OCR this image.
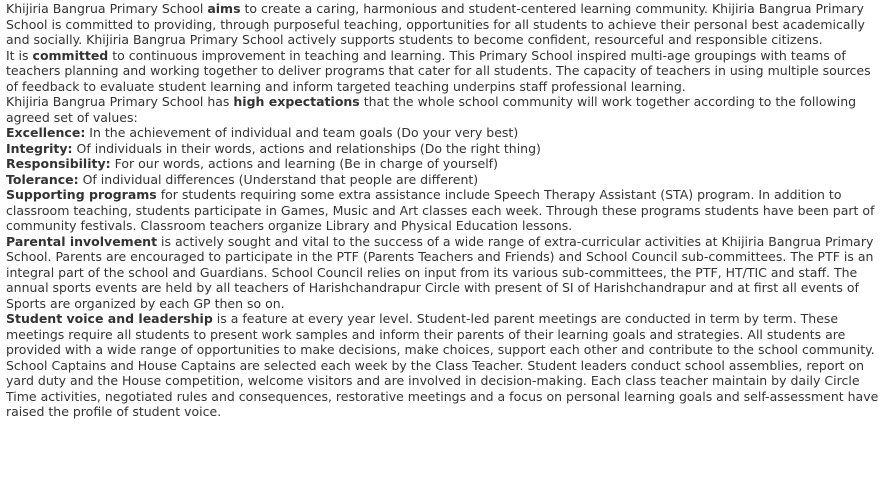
Khijiria Bangrua Primary School aims to create a caring, harmonious and student-centered learning community. Khijiria Bangrua Primary School is committed to providing, through purposeful teaching, opportunities for all students to achieve their personal best academically and socially. Khijiria Bangrua Primary School actively supports students to become confident, resourceful and responsible citizens.

It is committed to continuous improvement in teaching and learning. This Primary School inspired multi-age groupings with teams of teachers planning and working together to deliver programs that cater for all students. The capacity of teachers in using multiple sources of feedback to evaluate student learning and inform targeted teaching underpins staff professional learning.

Khijiria Bangrua Primary School has high expectations that the whole school community will work together according to the following agreed set of values:

Excellence: In the achievement of individual and team goals (Do your very best)

Integrity: Of individuals in their words, actions and relationships (Do the right thing)

Responsibility: For our words, actions and learning (Be in charge of yourself)

Tolerance: Of individual differences (Understand that people are different)

Supporting programs for students requiring some extra assistance include Speech Therapy Assistant (STA) program. In addition to classroom teaching, students participate in Games, Music and Art classes each week. Through these programs students have been part of community festivals. Classroom teachers organize Library and Physical Education lessons.

Parental involvement is actively sought and vital to the success of a wide range of extra-curricular activities at Khijiria Bangrua Primary School. Parents are encouraged to participate in the PTF (Parents Teachers and Friends) and School Council sub-committees. The PTF is an integral part of the school and Guardians. School Council relies on input from its various sub-committees, the PTF, HT/TIC and staff. The annual sports events are held by all teachers of Harishchandrapur Circle with present of SI of Harishchandrapur and at first all events of Sports are organized by each GP then so on.

Student voice and leadership is a feature at every year level. Student-led parent meetings are conducted in term by term. These meetings require all students to present work samples and inform their parents of their learning goals and strategies. All students are provided with a wide range of opportunities to make decisions, make choices, support each other and contribute to the school community. School Captains and House Captains are selected each week by the Class Teacher. Student leaders conduct school assemblies, report on yard duty and the House competition, welcome visitors and are involved in decision-making. Each class teacher maintain by daily Circle Time activities, negotiated rules and consequences, restorative meetings and a focus on personal learning goals and self-assessment have raised the profile of student voice.
